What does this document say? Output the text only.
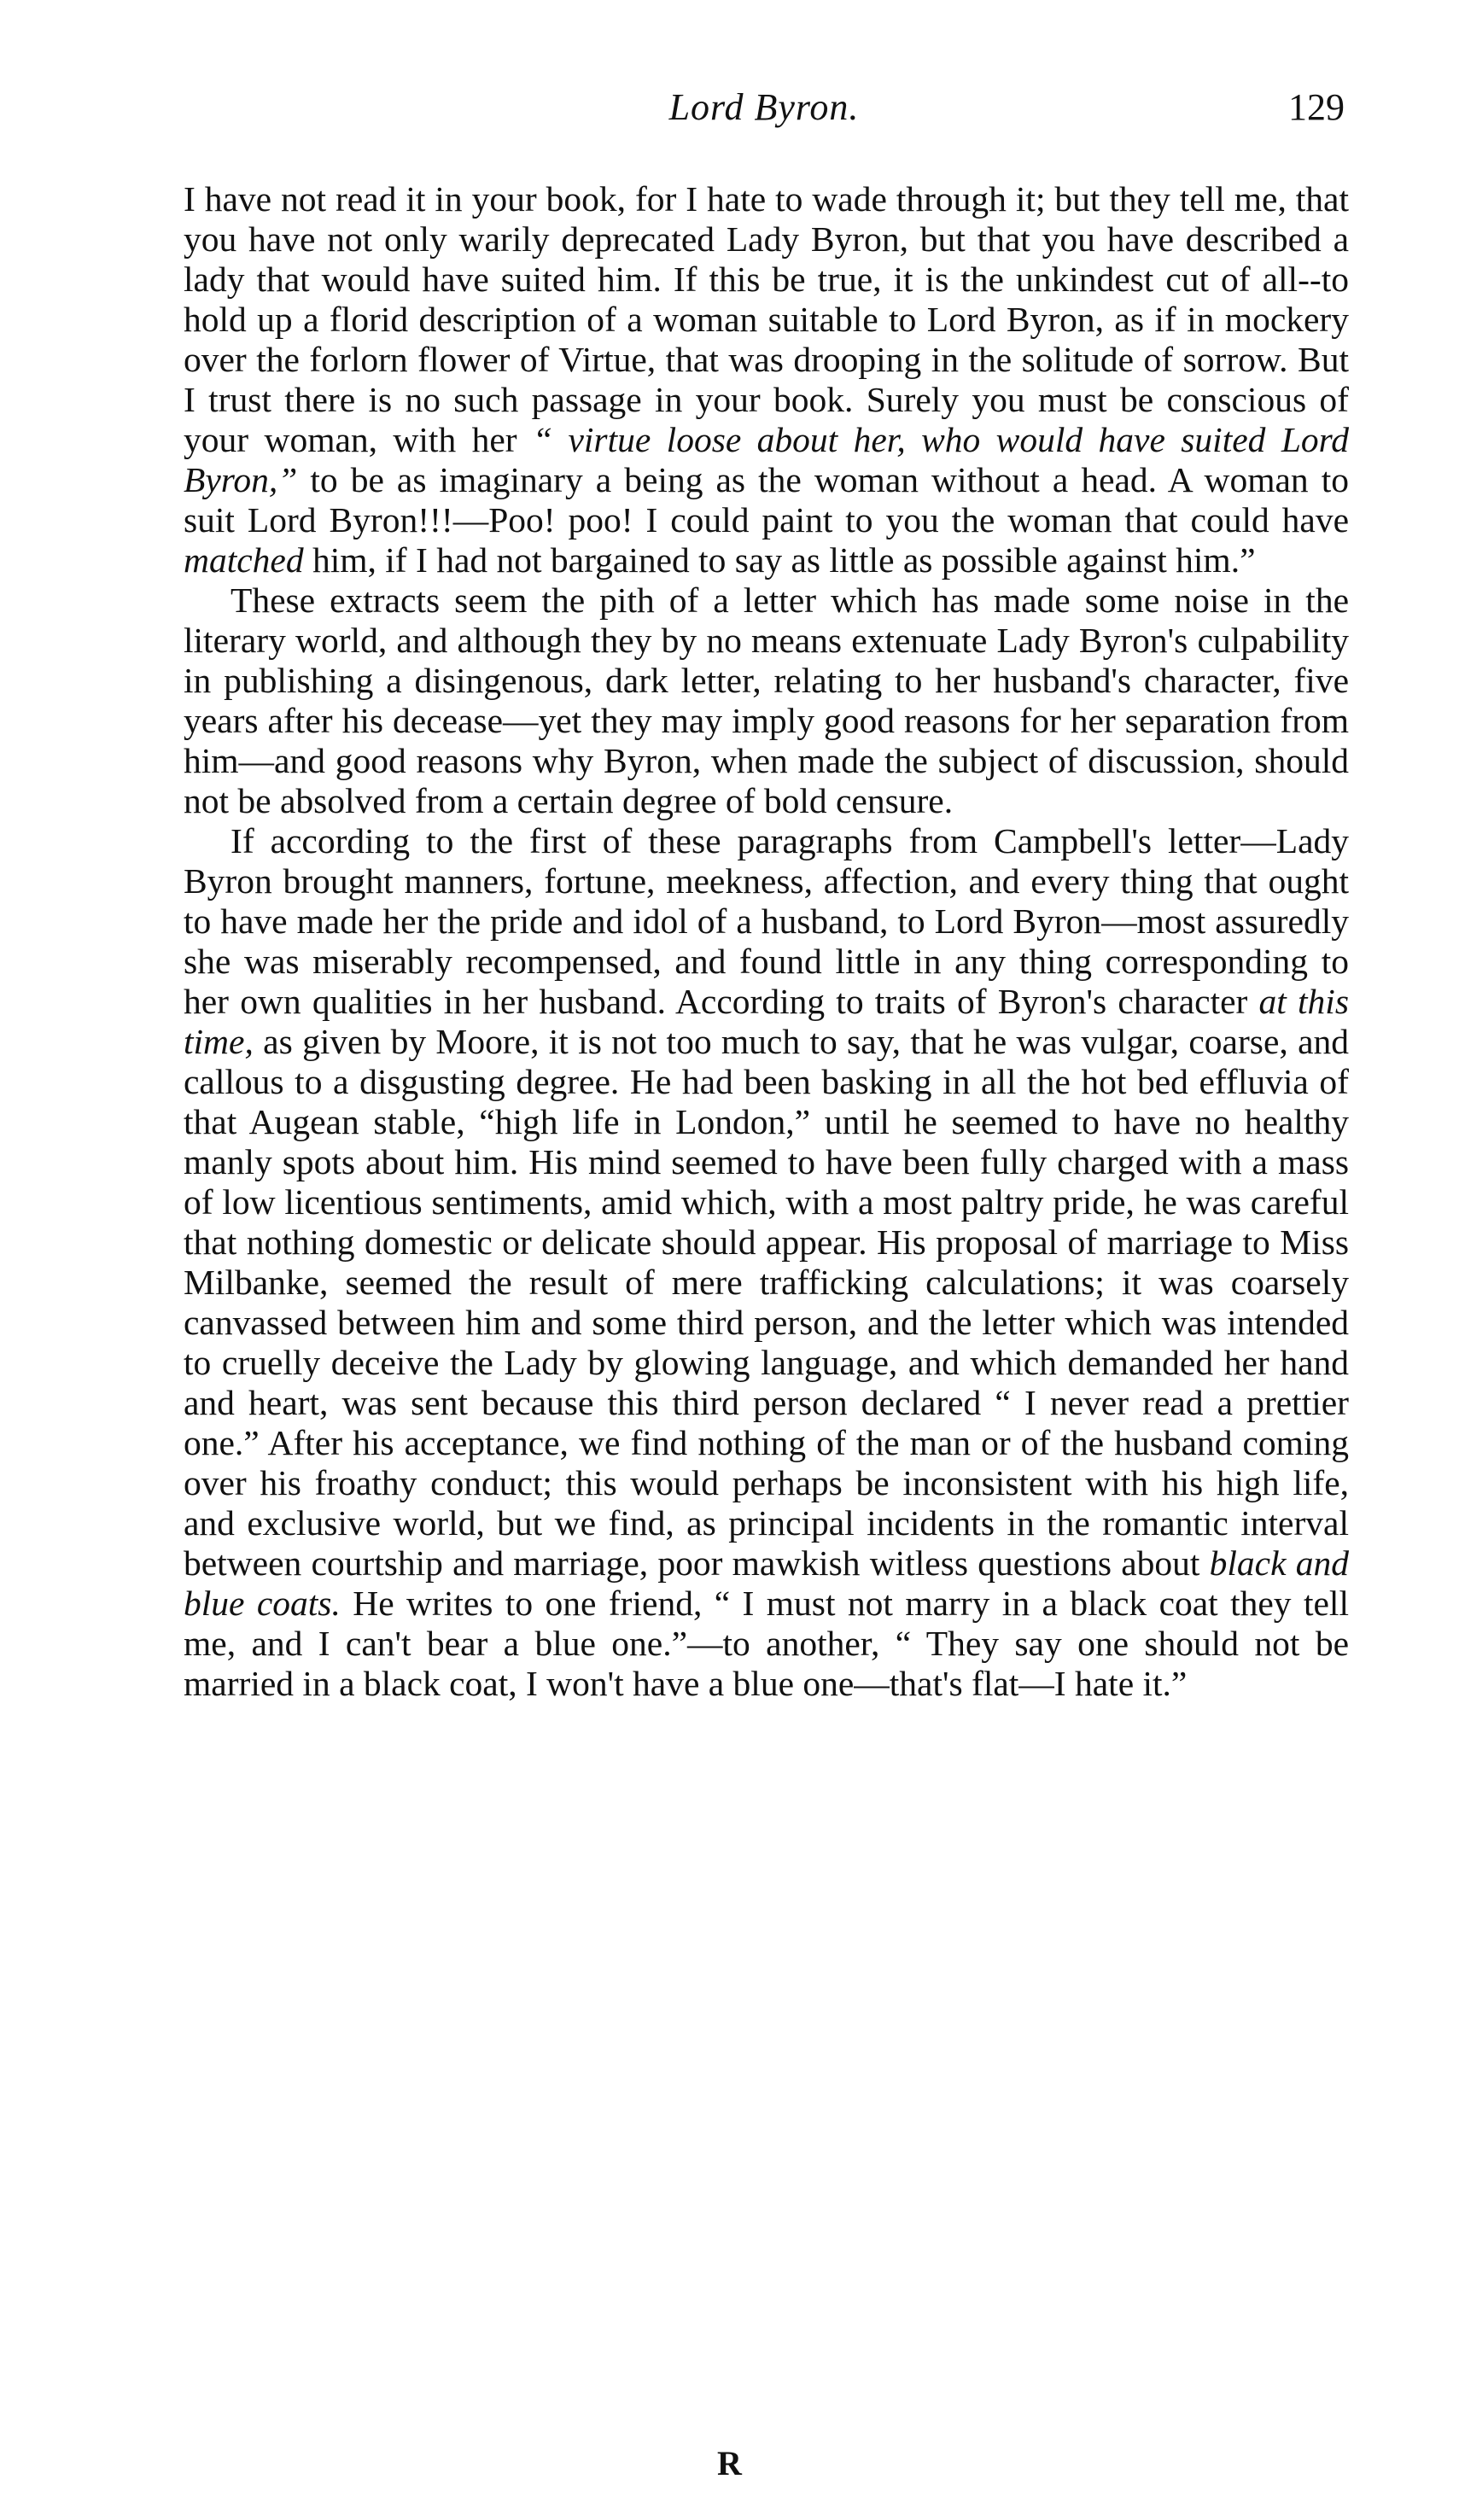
Lord Byron.	129

I have not read it in your book, for I hate to wade through it; but they tell me, that you have not only warily deprecated Lady Byron, but that you have described a lady that would have suited him. If this be true, it is the unkindest cut of all--to hold up a florid description of a woman suitable to Lord Byron, as if in mockery over the forlorn flower of Virtue, that was drooping in the solitude of sorrow. But I trust there is no such passage in your book. Surely you must be conscious of your woman, with her “ virtue loose about her, who would have suited Lord Byron,” to be as imaginary a being as the woman without a head. A woman to suit Lord Byron!!!—Poo! poo! I could paint to you the woman that could have matched him, if I had not bargained to say as little as possible against him.”

These extracts seem the pith of a letter which has made some noise in the literary world, and although they by no means extenuate Lady Byron's culpability in publishing a disingenous, dark letter, relating to her husband's character, five years after his decease—yet they may imply good reasons for her separation from him—and good reasons why Byron, when made the subject of discussion, should not be absolved from a certain degree of bold censure.

If according to the first of these paragraphs from Campbell's letter—Lady Byron brought manners, fortune, meekness, affection, and every thing that ought to have made her the pride and idol of a husband, to Lord Byron—most assuredly she was miserably recompensed, and found little in any thing corresponding to her own qualities in her husband. According to traits of Byron's character at this time, as given by Moore, it is not too much to say, that he was vulgar, coarse, and callous to a disgusting degree. He had been basking in all the hot bed effluvia of that Augean stable, “high life in London,” until he seemed to have no healthy manly spots about him. His mind seemed to have been fully charged with a mass of low licentious sentiments, amid which, with a most paltry pride, he was careful that nothing domestic or delicate should appear. His proposal of marriage to Miss Milbanke, seemed the result of mere trafficking calculations; it was coarsely canvassed between him and some third person, and the letter which was intended to cruelly deceive the Lady by glowing language, and which demanded her hand and heart, was sent because this third person declared “ I never read a prettier one.” After his acceptance, we find nothing of the man or of the husband coming over his froathy conduct; this would perhaps be inconsistent with his high life, and exclusive world, but we find, as principal incidents in the romantic interval between courtship and marriage, poor mawkish witless questions about black and blue coats. He writes to one friend, “ I must not marry in a black coat they tell me, and I can't bear a blue one.”—to another, “ They say one should not be married in a black coat, I won't have a blue one—that's flat—I hate it.”

R
